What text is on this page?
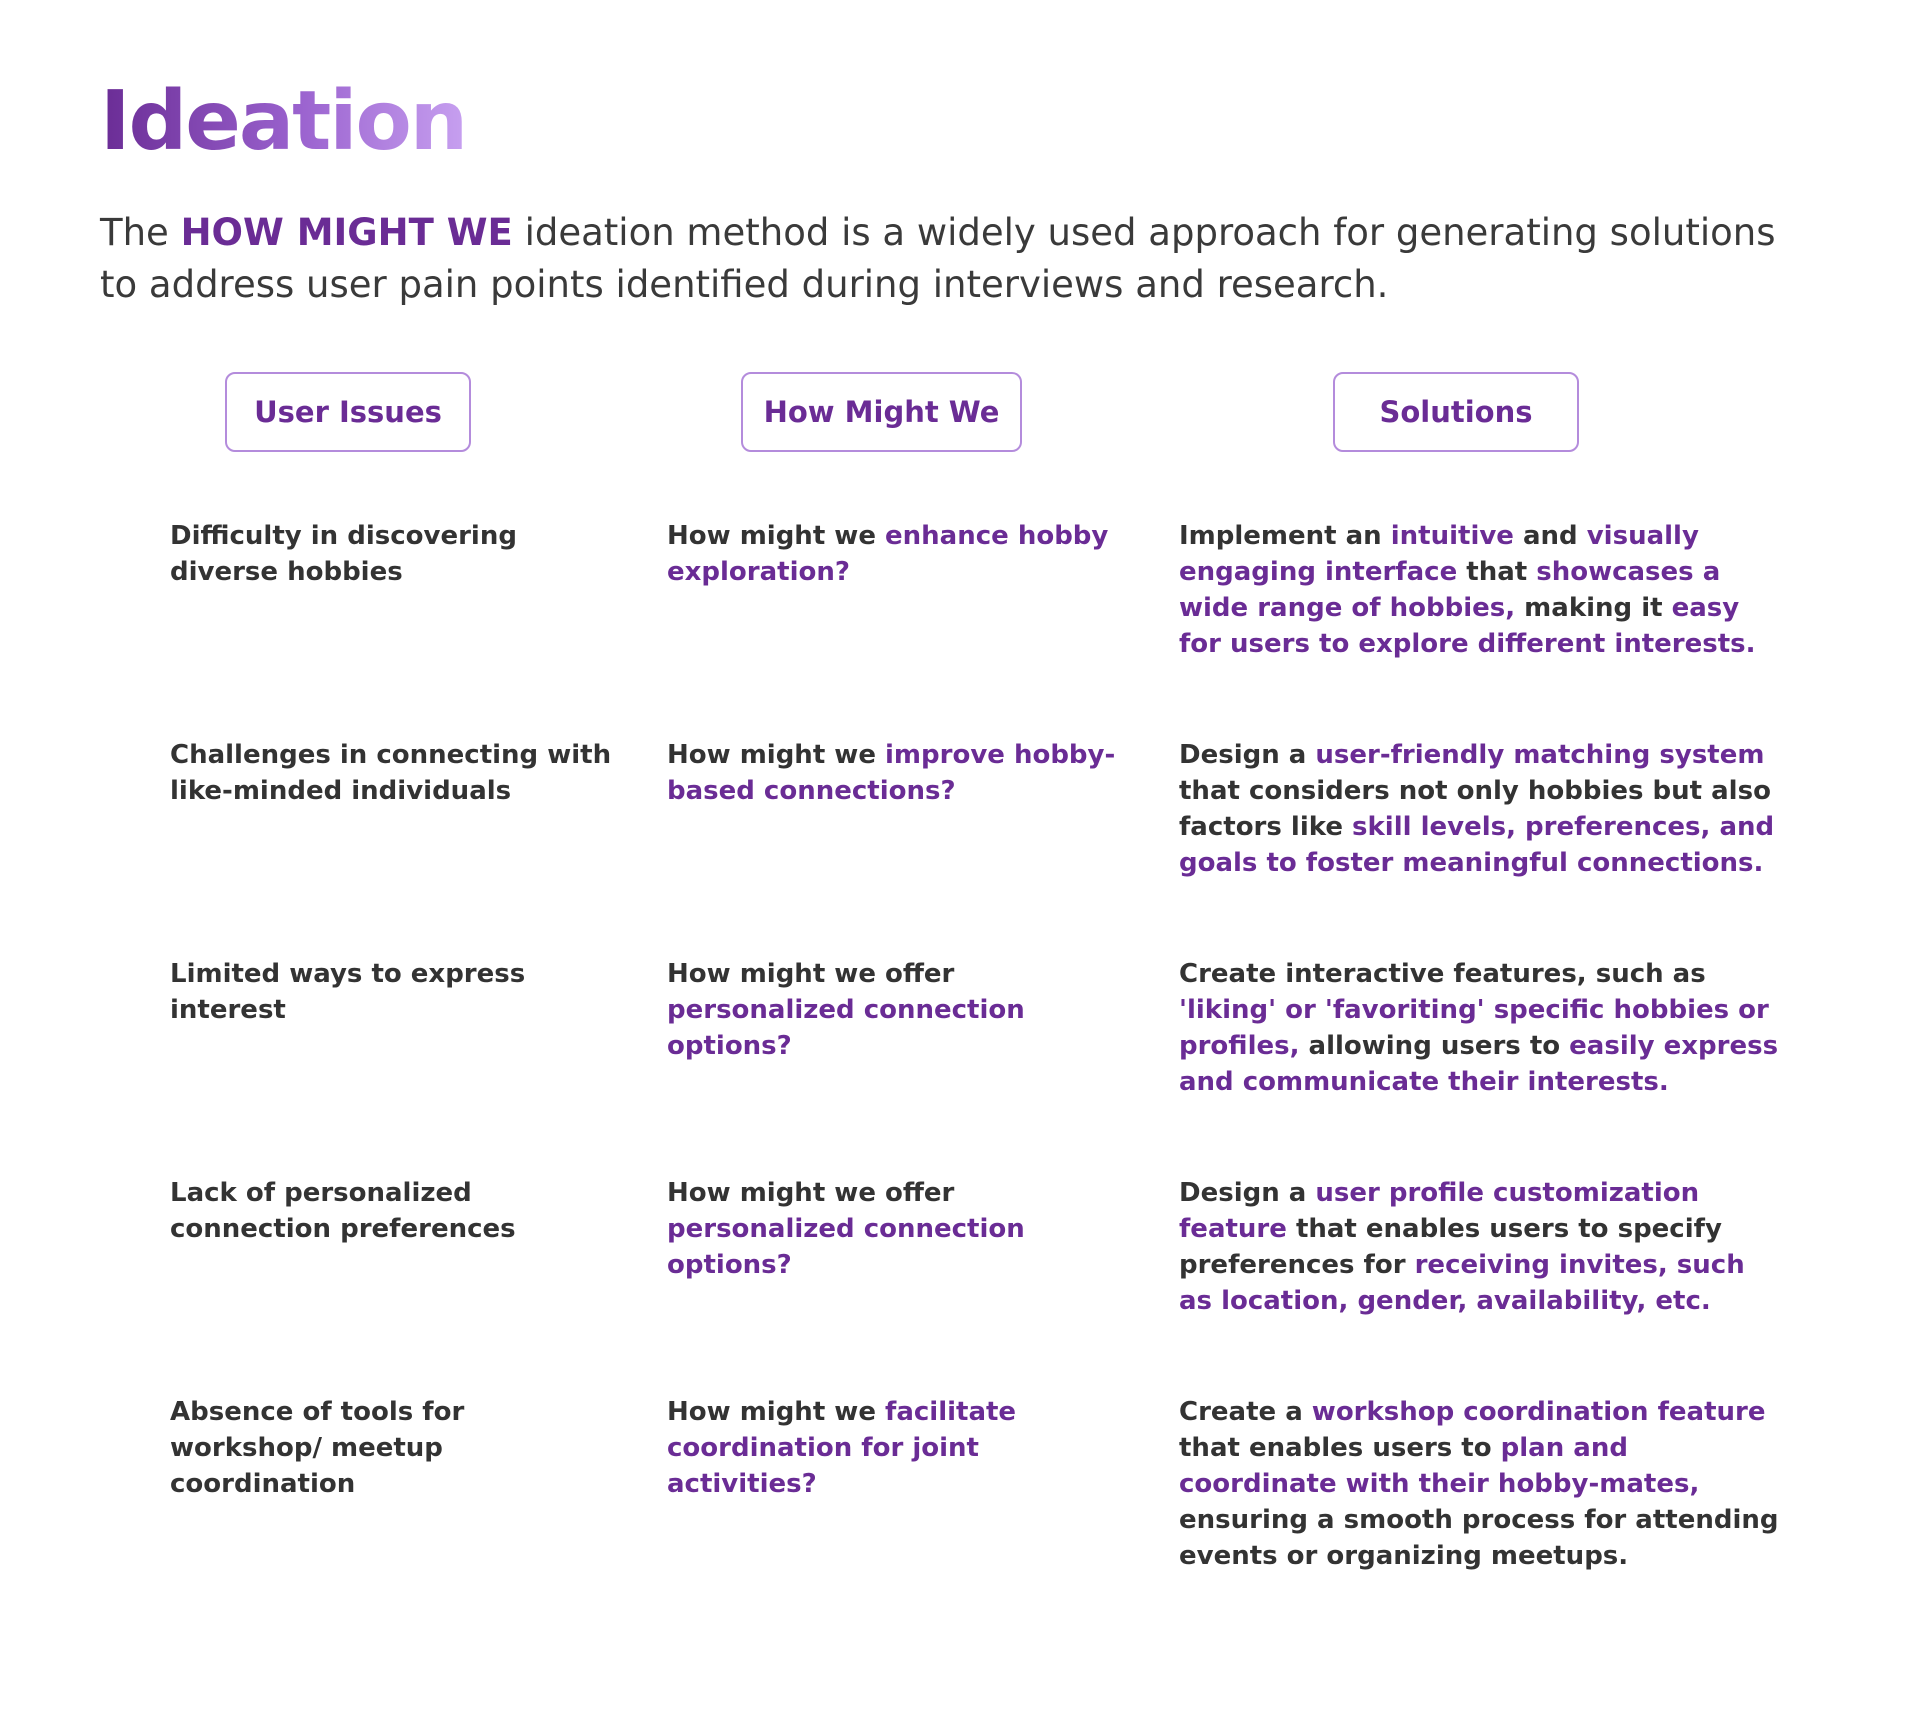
Ideation

The HOW MIGHT WE ideation method is a widely used approach for generating solutions to address user pain points identified during interviews and research.

User Issues	How Might We	Solutions

Difficulty in discovering diverse hobbies

How might we enhance hobby exploration?

Implement an intuitive and visually engaging interface that showcases a wide range of hobbies, making it easy for users to explore different interests.

Challenges in connecting with like-minded individuals

How might we improve hobby-based connections?

Design a user-friendly matching system that considers not only hobbies but also factors like skill levels, preferences, and goals to foster meaningful connections.

Limited ways to express interest

How might we offer personalized connection options?

Create interactive features, such as 'liking' or 'favoriting' specific hobbies or profiles, allowing users to easily express and communicate their interests.

Lack of personalized connection preferences

How might we offer personalized connection options?

Design a user profile customization feature that enables users to specify preferences for receiving invites, such as location, gender, availability, etc.

Absence of tools for workshop/ meetup coordination

How might we facilitate coordination for joint activities?

Create a workshop coordination feature that enables users to plan and coordinate with their hobby-mates, ensuring a smooth process for attending events or organizing meetups.
